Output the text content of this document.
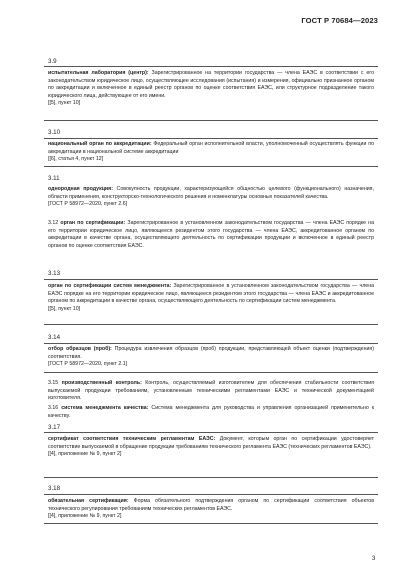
ГОСТ Р 70684—2023
3.9
испытательная лаборатория (центр): Зарегистрированное на территории государства — члена ЕАЭС в соответствии с его законодательством юридическое лицо, осуществляющее исследования (испытания) и измерения, официально признанное органом по аккредитации и включенное в единый реестр органов по оценке соответствия ЕАЭС, или структурное подразделение такого юридического лица, действующее от его имени.
[[5], пункт 10]
3.10
национальный орган по аккредитации: Федеральный орган исполнительной власти, уполномоченный осуществлять функции по аккредитации в национальной системе аккредитации
[[6], статья 4, пункт 12]
3.11
однородная продукция: Совокупность продукции, характеризующейся общностью целевого (функционального) назначения, области применения, конструкторско-технологического решения и номенклатуры основных показателей качества.
[ГОСТ Р 58972—2020, пункт 2.6]
3.12 орган по сертификации: Зарегистрированное в установленном законодательством государства — члена ЕАЭС порядке на его территории юридическое лицо, являющееся резидентом этого государства — члена ЕАЭС, аккредитованное органом по аккредитации в качестве органа, осуществляющего деятельность по сертификации продукции и включенное в единый реестр органов по оценке соответствия ЕАЭС.
3.13
орган по сертификации систем менеджмента: Зарегистрированное в установленном законодательством государства — члена ЕАЭС порядке на его территории юридическое лицо, являющееся резидентом этого государства — члена ЕАЭС и аккредитованное органом по аккредитации в качестве органа, осуществляющего деятельность по сертификации систем менеджмента.
[[5], пункт 10]
3.14
отбор образцов (проб): Процедура извлечения образцов (проб) продукции, представляющей объект оценки (подтверждения) соответствия.
[ГОСТ Р 58972—2020, пункт 2.1]
3.15 производственный контроль: Контроль, осуществляемый изготовителем для обеспечения стабильности соответствия выпускаемой продукции требованиям, установленным техническими регламентами ЕАЭС и технической документацией изготовителя.
3.16 система менеджмента качества: Система менеджмента для руководства и управления организацией применительно к качеству.
3.17
сертификат соответствия техническим регламентам ЕАЭС: Документ, которым орган по сертификации удостоверяет соответствие выпускаемой в обращение продукции требованиям технического регламента ЕАЭС (технических регламентов ЕАЭС).
[[4], приложение № 9, пункт 2]
3.18
обязательная сертификация: Форма обязательного подтверждения органом по сертификации соответствия объектов технического регулирования требованиям технических регламентов ЕАЭС.
[[4], приложение № 9, пункт 2]
3
